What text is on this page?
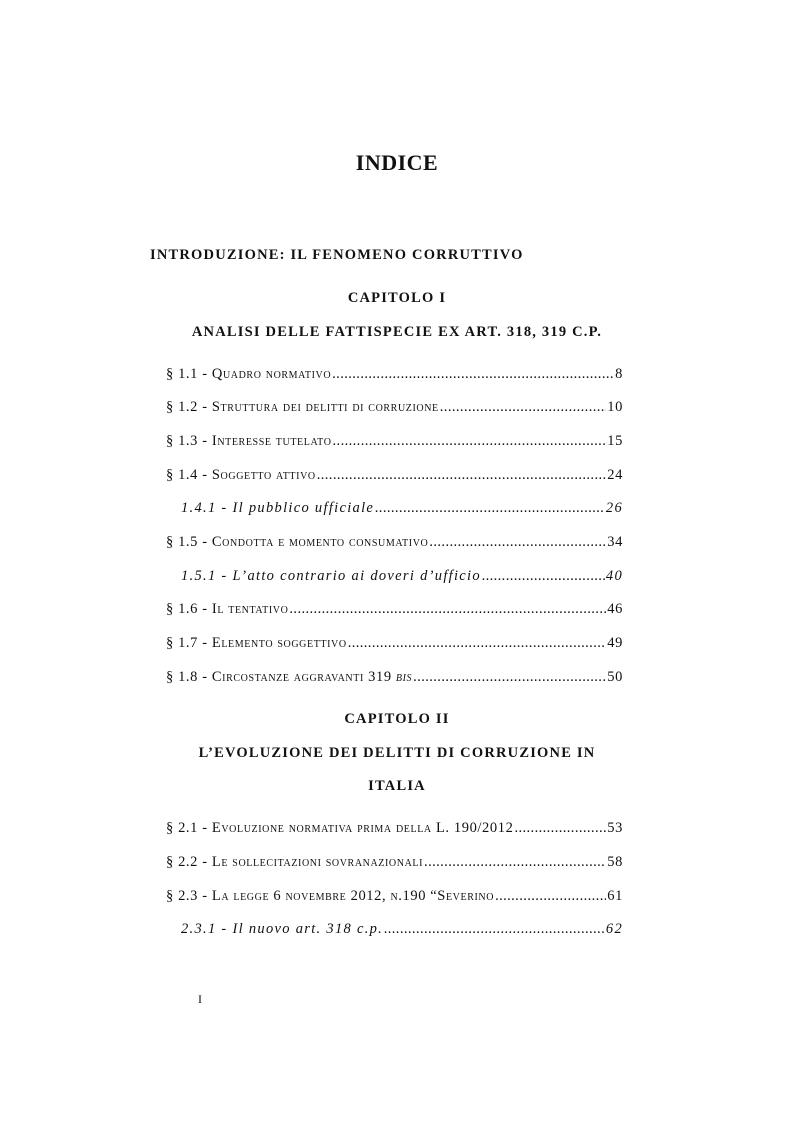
INDICE
INTRODUZIONE: IL FENOMENO CORRUTTIVO
CAPITOLO I
ANALISI DELLE FATTISPECIE EX ART. 318, 319 C.P.
§ 1.1 - Quadro normativo .....	8
§ 1.2 - Struttura dei delitti di corruzione .....	10
§ 1.3 - Interesse tutelato .....	15
§ 1.4 - Soggetto attivo .....	24
1.4.1 - Il pubblico ufficiale .....	26
§ 1.5 - Condotta e momento consumativo .....	34
1.5.1 - L’atto contrario ai doveri d’ufficio .....	40
§ 1.6 - Il tentativo .....	46
§ 1.7 - Elemento soggettivo .....	49
§ 1.8 - Circostanze aggravanti 319 bis .....	50
CAPITOLO II
L’EVOLUZIONE DEI DELITTI DI CORRUZIONE IN
ITALIA
§ 2.1 - Evoluzione normativa prima della L. 190/2012 .....	53
§ 2.2 - Le sollecitazioni sovranazionali .....	58
§ 2.3 - La legge 6 novembre 2012, n.190 “Severino .....	61
2.3.1 - Il nuovo art. 318 c.p. .....	62
I
